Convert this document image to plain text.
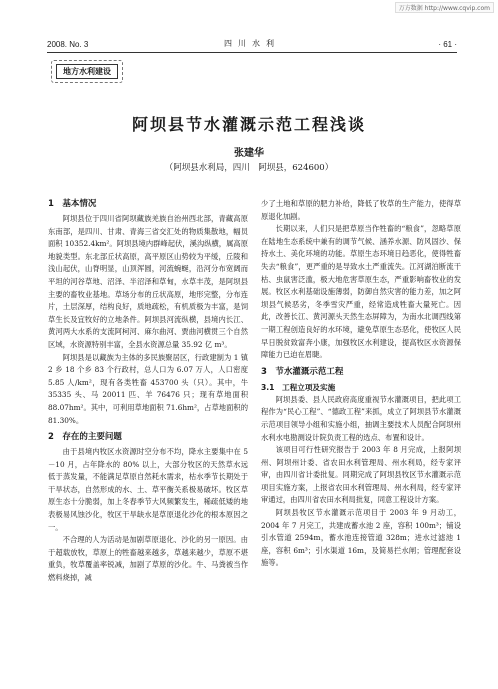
万方数据 http://www.cqvip.com
2008. No. 3	四川水利	· 61 ·
地方水利建设
阿坝县节水灌溉示范工程浅谈
张建华
（阿坝县水利局，四川　阿坝县，624600）
1　基本情况

阿坝县位于四川省阿坝藏族羌族自治州西北部，青藏高原东南部，是四川、甘肃、青海三省交汇处的物质集散地，幅员面积 10352.4km²。阿坝县境内群峰起伏，溪沟纵横，属高原地貌类型。东北部丘状高原，高平原区山势较为平缓，丘陵和浅山起伏，山脊明显，山顶浑圆，河流蜿蜒，沿河分布宽阔而平坦的河谷草地、沼泽、半沼泽和草甸，水草丰茂，是阿坝县主要的畜牧业基地。草场分布的丘状高原，地形完整，分布连片，土层深厚，结构良好，质地疏松，有机质极为丰富，是饲草生长及宜牧好的立地条件。阿坝县河流纵横，县境内长江、黄河两大水系的支流阿柯河、麻尔曲河、贾曲河横贯三个自然区域，水资源特别丰富，全县水资源总量 35.92 亿 m³。

阿坝县是以藏族为主体的多民族聚居区，行政建制为 1 镇 2 乡 18 个乡 83 个行政村，总人口为 6.07 万人，人口密度 5.85 人/km²，现有各类牲畜 453700 头（只）。其中，牛 35335 头、马 20011 匹、羊 76476 只；现有草地面积 88.07hm²。其中，可利用草地面积 71.6hm²，占草地面积的 81.30%。

2　存在的主要问题

由于县境内牧区水资源时空分布不均，降水主要集中在 5－10 月，占年降水的 80% 以上，大部分牧区的天然草水远低于蒸发量，不能满足草原自然耗水需求，枯水季节长期处于干旱状态，自然形成的水、土、草平衡关系极易破坏。牧区草原生态十分脆弱，加上冬春季节大风频繁发生，稀疏低矮的地表极易风蚀沙化，牧区干旱缺水是草原退化沙化的根本原因之一。

不合理的人为活动是加剧草原退化、沙化的另一原因。由于超载放牧，草原上的牲畜越来越多，草越来越少，草原不堪重负，牧草覆盖率锐减，加剧了草原的沙化。牛、马粪被当作燃料烧掉，减

少了土地和草原的肥力补给，降低了牧草的生产能力，使得草原退化加剧。

长期以来，人们只是把草原当作牲畜的“粮食”，忽略草原在陆地生态系统中兼有的调节气候、涵养水源、防风固沙、保持水土、美化环境的功能。草原生态环境日趋恶化，使得牲畜失去“粮食”，更严重的是导致水土严重流失。江河湖泊断流干枯、虫鼠害泛滥，极大地危害草原生态，严重影响畜牧业的发展。牧区水利基础设施薄弱，防御自然灾害的能力差，加之阿坝县气候恶劣，冬季雪灾严重，经常造成牲畜大量死亡。因此，改善长江、黄河源头天然生态屏障为，为南水北调西线第一期工程创造良好的水环境，避免草原生态恶化，使牧区人民早日脱贫致富奔小康，加强牧区水利建设，提高牧区水资源保障能力已迫在眉睫。

3　节水灌溉示范工程
3.1　工程立项及实施

阿坝县委、县人民政府高度重视节水灌溉项目，把此项工程作为“民心工程”、“德政工程”来抓，成立了阿坝县节水灌溉示范项目领导小组和实施小组，抽调主要技术人员配合阿坝州水利水电勘测设计院负责工程的选点、布置和设计。

该项目可行性研究报告于 2003 年 8 月完成，上报阿坝州、阿坝州计委、省农田水利管理局、州水利局，经专家评审，由四川省计委批复。同期完成了阿坝县牧区节水灌溉示范项目实施方案，上报省农田水利管理局、州水利局，经专家评审通过，由四川省农田水利局批复，同意工程设计方案。

阿坝县牧区节水灌溉示范项目于 2003 年 9 月动工，2004 年 7 月完工，共建成蓄水池 2 座，容积 100m³；铺设引水管道 2594m，蓄水池连接管道 328m；进水过滤池 1 座，容积 6m³；引水渠道 16m，及简易拦水闸；管理配套设施等。
